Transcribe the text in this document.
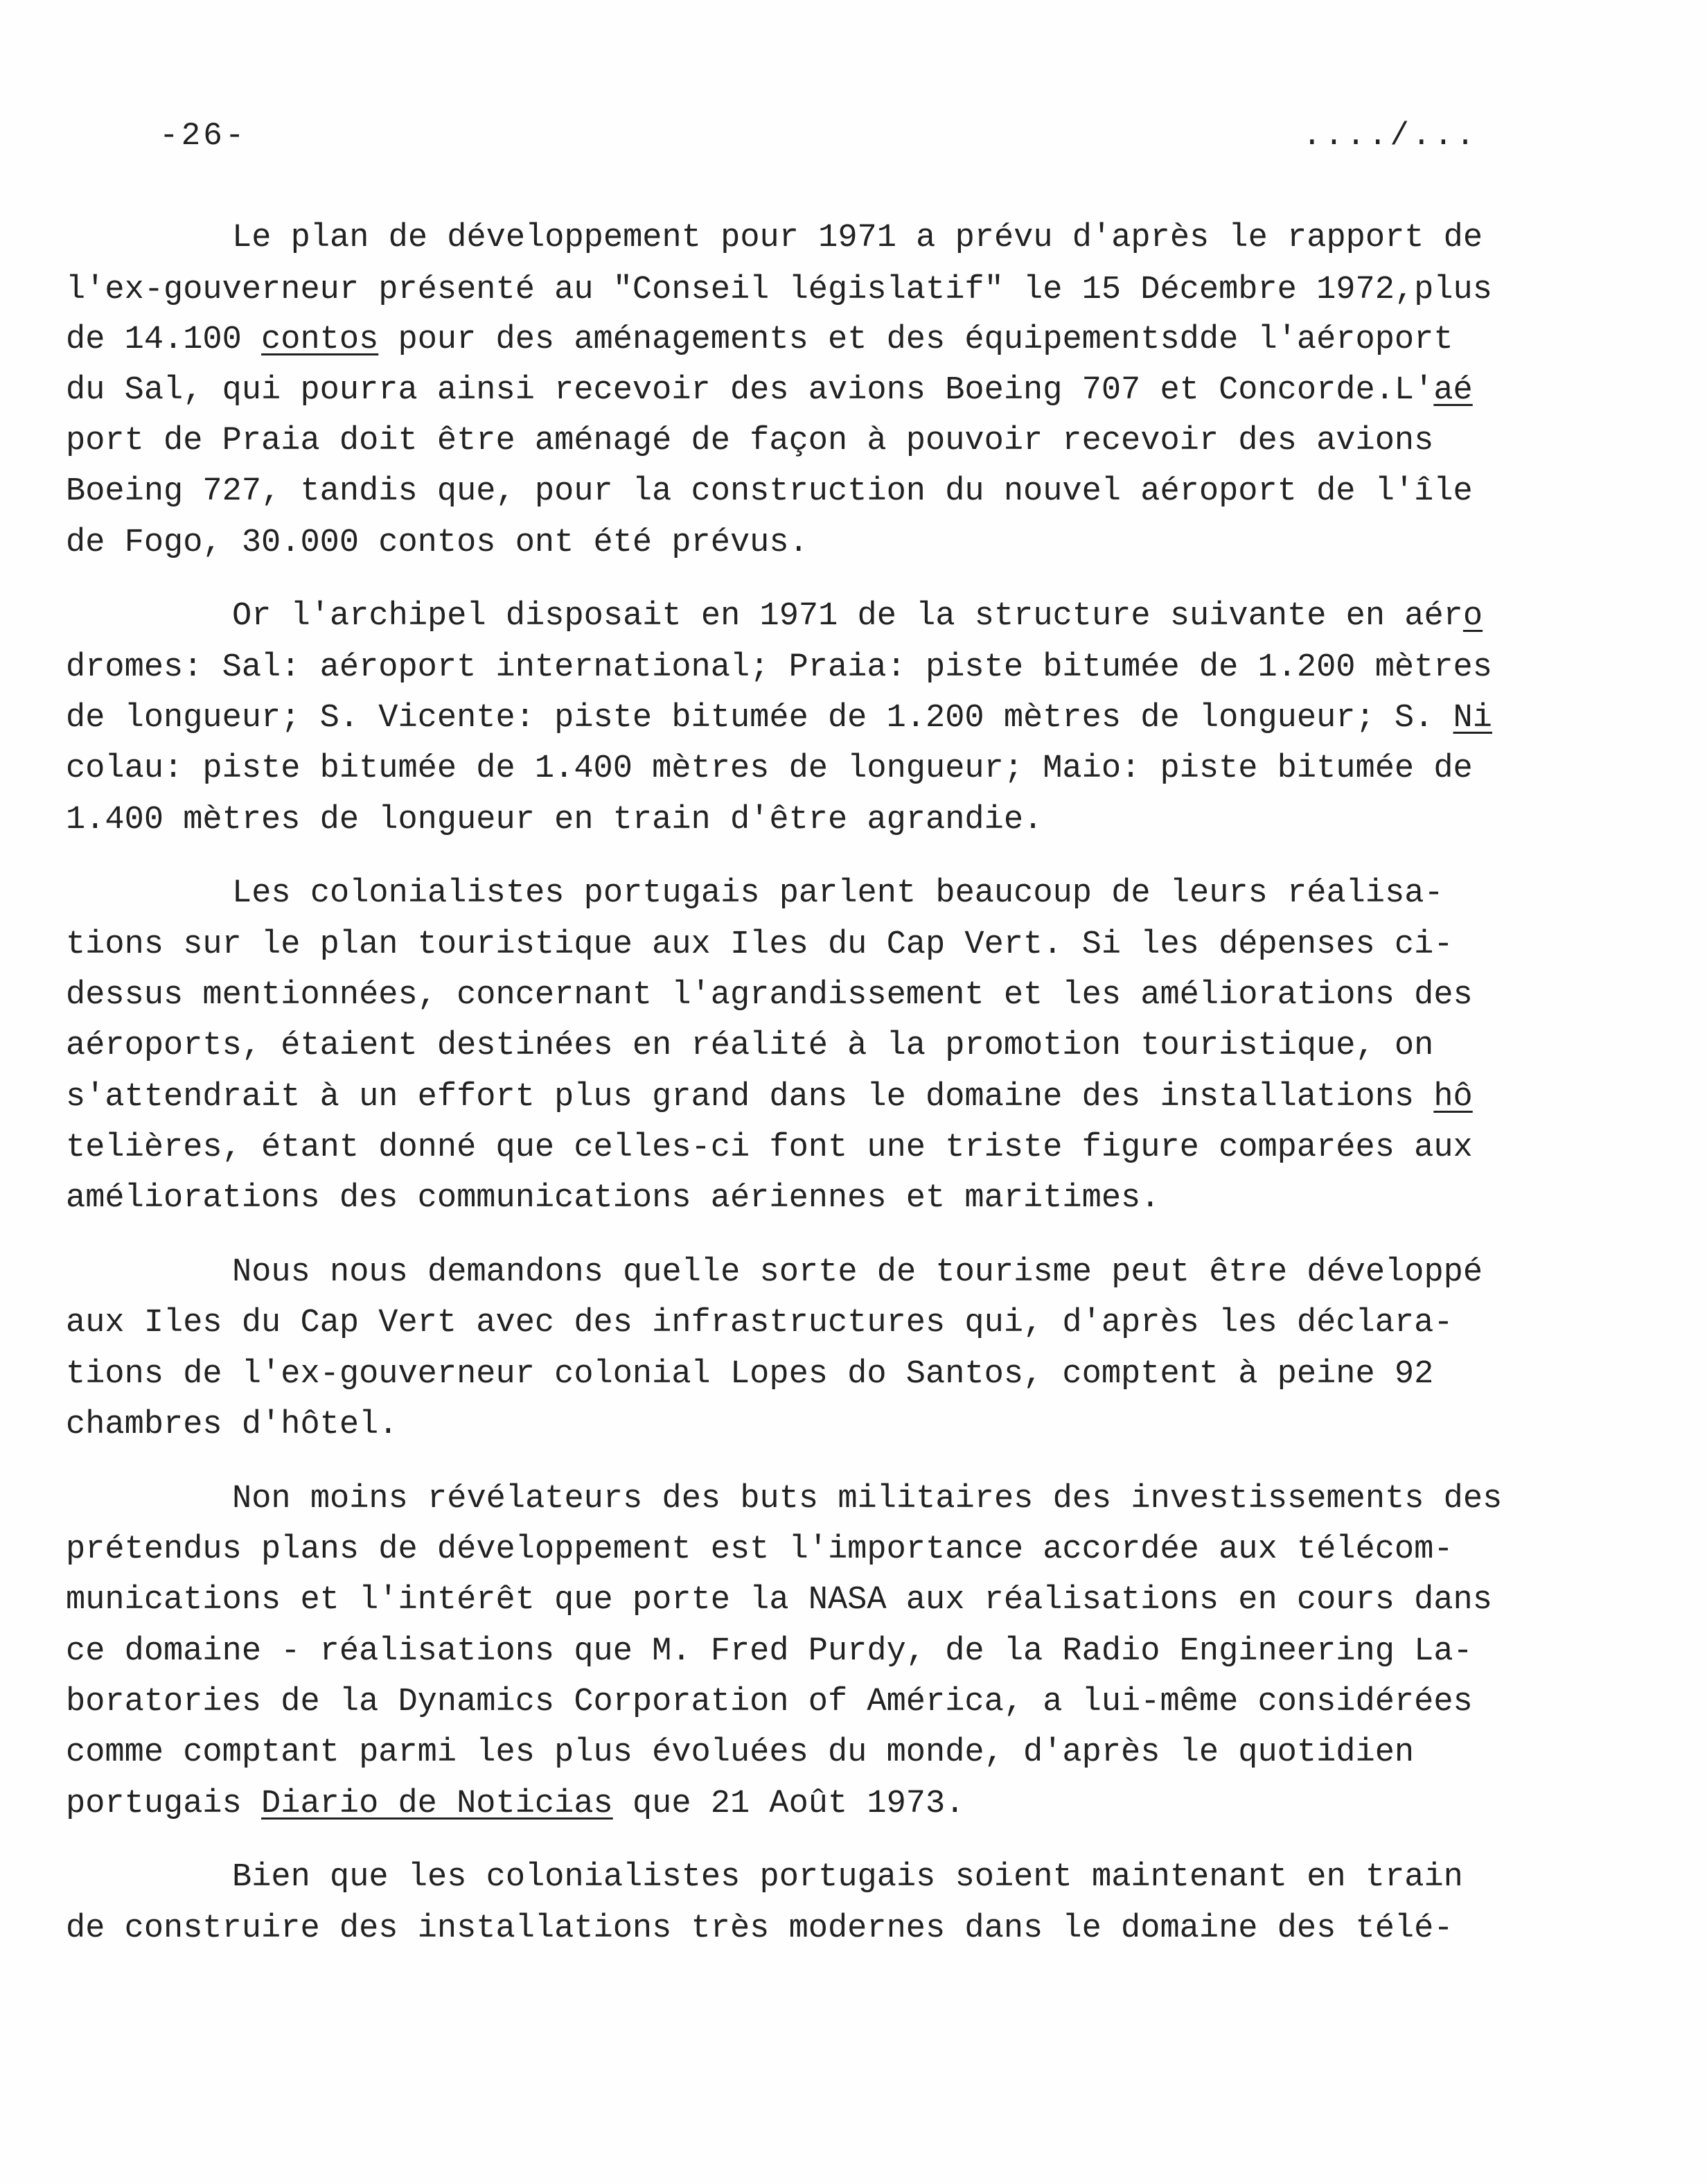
-26-	..../...
Le plan de développement pour 1971 a prévu d'après le rapport de
l'ex-gouverneur présenté au "Conseil législatif" le 15 Décembre 1972,plus
de 14.100 contos pour des aménagements et des équipementsdde l'aéroport
du Sal, qui pourra ainsi recevoir des avions Boeing 707 et Concorde.L'aé
port de Praia doit être aménagé de façon à pouvoir recevoir des avions
Boeing 727, tandis que, pour la construction du nouvel aéroport de l'île
de Fogo, 30.000 contos ont été prévus.
Or l'archipel disposait en 1971 de la structure suivante en aéro
dromes: Sal: aéroport international; Praia: piste bitumée de 1.200 mètres
de longueur; S. Vicente: piste bitumée de 1.200 mètres de longueur; S. Ni
colau: piste bitumée de 1.400 mètres de longueur; Maio: piste bitumée de
1.400 mètres de longueur en train d'être agrandie.
Les colonialistes portugais parlent beaucoup de leurs réalisa-
tions sur le plan touristique aux Iles du Cap Vert. Si les dépenses ci-
dessus mentionnées, concernant l'agrandissement et les améliorations des
aéroports, étaient destinées en réalité à la promotion touristique, on
s'attendrait à un effort plus grand dans le domaine des installations hô
telières, étant donné que celles-ci font une triste figure comparées aux
améliorations des communications aériennes et maritimes.
Nous nous demandons quelle sorte de tourisme peut être développé
aux Iles du Cap Vert avec des infrastructures qui, d'après les déclara-
tions de l'ex-gouverneur colonial Lopes do Santos, comptent à peine 92
chambres d'hôtel.
Non moins révélateurs des buts militaires des investissements des
prétendus plans de développement est l'importance accordée aux télécom-
munications et l'intérêt que porte la NASA aux réalisations en cours dans
ce domaine - réalisations que M. Fred Purdy, de la Radio Engineering La-
boratories de la Dynamics Corporation of América, a lui-même considérées
comme comptant parmi les plus évoluées du monde, d'après le quotidien
portugais Diario de Noticias que 21 Août 1973.
Bien que les colonialistes portugais soient maintenant en train
de construire des installations très modernes dans le domaine des télé-
